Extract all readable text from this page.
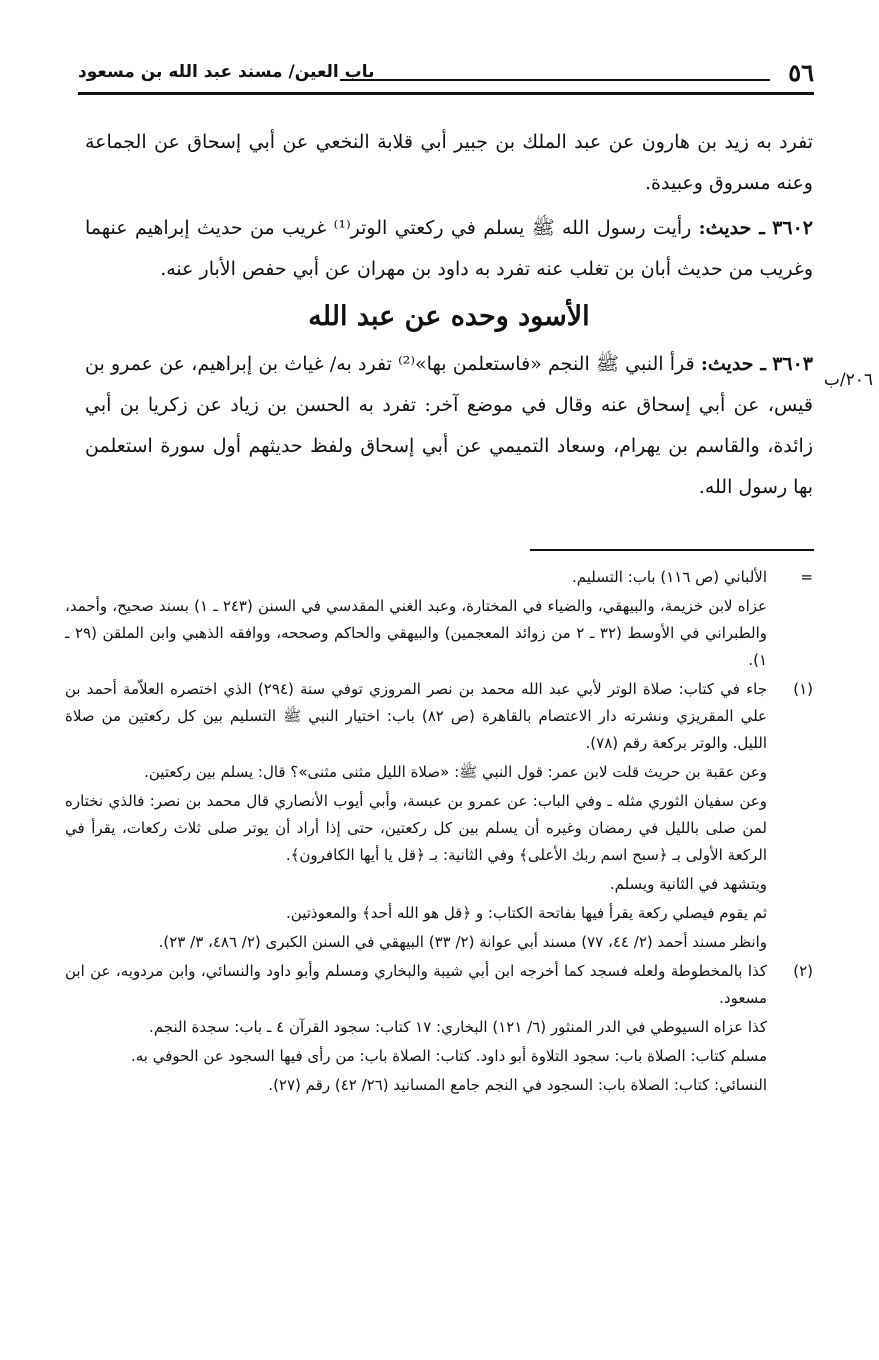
٥٦
باب العين/ مسند عبد الله بن مسعود
٢٠٦/ب

تفرد به زيد بن هارون عن عبد الملك بن جبير أبي قلابة النخعي عن أبي إسحاق عن الجماعة وعنه مسروق وعبيدة.

٣٦٠٢ ـ حديث: رأيت رسول الله ﷺ يسلم في ركعتي الوتر⁽¹⁾ غريب من حديث إبراهيم عنهما وغريب من حديث أبان بن تغلب عنه تفرد به داود بن مهران عن أبي حفص الأبار عنه.

الأسود وحده عن عبد الله

٣٦٠٣ ـ حديث: قرأ النبي ﷺ النجم «فاستعلمن بها»⁽²⁾ تفرد به/ غياث بن إبراهيم، عن عمرو بن قيس، عن أبي إسحاق عنه وقال في موضع آخر: تفرد به الحسن بن زياد عن زكريا بن أبي زائدة، والقاسم بن يهرام، وسعاد التميمي عن أبي إسحاق ولفظ حديثهم أول سورة استعلمن بها رسول الله.

=

الألباني (ص ١١٦) باب: التسليم.

عزاه لابن خزيمة، والبيهقي، والضياء في المختارة، وعبد الغني المقدسي في السنن (٢٤٣ ـ ١) بسند صحيح، وأحمد، والطبراني في الأوسط (٣٢ ـ ٢ من زوائد المعجمين) والبيهقي والحاكم وصححه، ووافقه الذهبي وابن الملقن (٢٩ ـ ١).

(١)

جاء في كتاب: صلاة الوتر لأبي عبد الله محمد بن نصر المروزي توفي سنة (٢٩٤) الذي اختصره العلاّمة أحمد بن علي المقريزي ونشرته دار الاعتصام بالقاهرة (ص ٨٢) باب: اختيار النبي ﷺ التسليم بين كل ركعتين من صلاة الليل. والوتر بركعة رقم (٧٨).

وعن عقبة بن حريث قلت لابن عمر: قول النبي ﷺ: «صلاة الليل مثنى مثنى»؟ قال: يسلم بين ركعتين.

وعن سفيان الثوري مثله ـ وفي الباب: عن عمرو بن عبسة، وأبي أيوب الأنصاري قال محمد بن نصر: فالذي نختاره لمن صلى بالليل في رمضان وغيره أن يسلم بين كل ركعتين، حتى إذا أراد أن يوتر صلى ثلاث ركعات، يقرأ في الركعة الأولى بـ ﴿سبح اسم ربك الأعلى﴾ وفي الثانية: بـ ﴿قل يا أيها الكافرون﴾.

ويتشهد في الثانية ويسلم.

ثم يقوم فيصلي ركعة يقرأ فيها بفاتحة الكتاب: و ﴿قل هو الله أحد﴾ والمعوذتين.

وانظر مسند أحمد (٢/ ٤٤، ٧٧) مسند أبي عوانة (٢/ ٣٣) البيهقي في السنن الكبرى (٢/ ٤٨٦، ٣/ ٢٣).

(٢)

كذا بالمخطوطة ولعله فسجد كما أخرجه ابن أبي شيبة والبخاري ومسلم وأبو داود والنسائي، وابن مردويه، عن ابن مسعود.

كذا عزاه السيوطي في الدر المنثور (٦/ ١٢١) البخاري: ١٧ كتاب: سجود القرآن ٤ ـ باب: سجدة النجم.

مسلم كتاب: الصلاة باب: سجود التلاوة أبو داود. كتاب: الصلاة باب: من رأى فيها السجود عن الحوفي به.

النسائي: كتاب: الصلاة باب: السجود في النجم جامع المسانيد (٢٦/ ٤٢) رقم (٢٧).
